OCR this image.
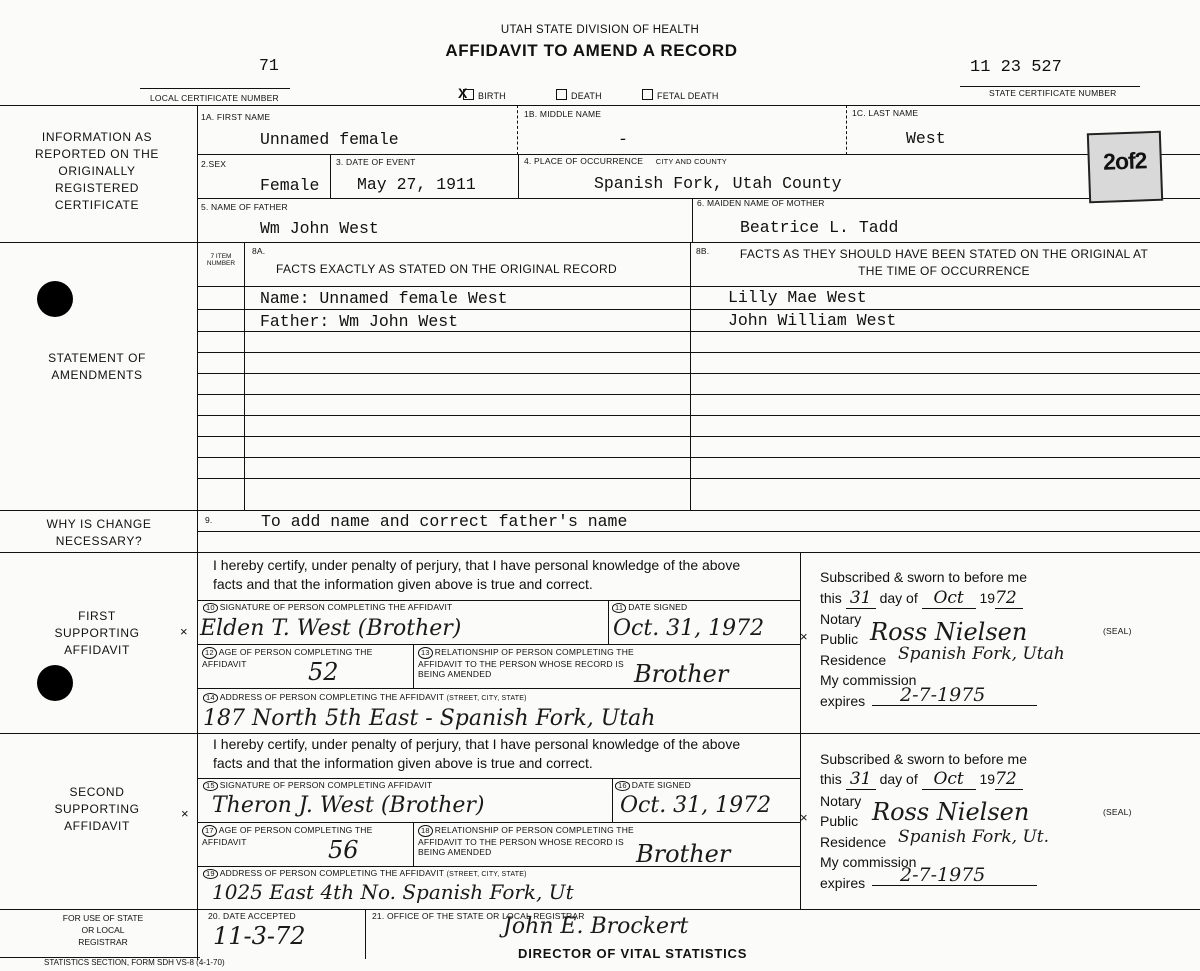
UTAH STATE DIVISION OF HEALTH
AFFIDAVIT TO AMEND A RECORD
71
LOCAL CERTIFICATE NUMBER
11 23 527
STATE CERTIFICATE NUMBER
X BIRTH	DEATH	FETAL DEATH
INFORMATION AS REPORTED ON THE ORIGINALLY REGISTERED CERTIFICATE
STATEMENT OF AMENDMENTS
WHY IS CHANGE NECESSARY?
FIRST SUPPORTING AFFIDAVIT
SECOND SUPPORTING AFFIDAVIT
FOR USE OF STATE OR LOCAL REGISTRAR
1A. FIRST NAME
Unnamed female
1B. MIDDLE NAME
-
1C. LAST NAME
West
2.SEX
Female
3. DATE OF EVENT
May 27, 1911
4. PLACE OF OCCURRENCE CITY AND COUNTY
Spanish Fork, Utah County
5. NAME OF FATHER
Wm John West
6. MAIDEN NAME OF MOTHER
Beatrice L. Tadd
2of2
7 ITEM NUMBER
8A.
FACTS EXACTLY AS STATED ON THE ORIGINAL RECORD
8B.	FACTS AS THEY SHOULD HAVE BEEN STATED ON THE ORIGINAL AT THE TIME OF OCCURRENCE
Name: Unnamed female West	Lilly Mae West
Father: Wm John West	John William West
9.	To add name and correct father's name
I hereby certify, under penalty of perjury, that I have personal knowledge of the above facts and that the information given above is true and correct.
10 SIGNATURE OF PERSON COMPLETING THE AFFIDAVIT
Elden T. West (Brother)
×
11 DATE SIGNED
Oct. 31, 1972
12 AGE OF PERSON COMPLETING THE AFFIDAVIT	52
13 RELATIONSHIP OF PERSON COMPLETING THE AFFIDAVIT TO THE PERSON WHOSE RECORD IS BEING AMENDED	Brother
14 ADDRESS OF PERSON COMPLETING THE AFFIDAVIT (STREET, CITY, STATE)
187 North 5th East - Spanish Fork, Utah
Subscribed & sworn to before me
this 31 day of Oct 1972
Notary
Public Ross Nielsen	(SEAL)
Residence Spanish Fork, Utah
My commission
expires 2-7-1975
×
I hereby certify, under penalty of perjury, that I have personal knowledge of the above facts and that the information given above is true and correct.
15 SIGNATURE OF PERSON COMPLETING AFFIDAVIT
Theron J. West (Brother)
×
16 DATE SIGNED
Oct. 31, 1972
17 AGE OF PERSON COMPLETING THE AFFIDAVIT	56
18 RELATIONSHIP OF PERSON COMPLETING THE AFFIDAVIT TO THE PERSON WHOSE RECORD IS BEING AMENDED	Brother
19 ADDRESS OF PERSON COMPLETING THE AFFIDAVIT (STREET, CITY, STATE)
1025 East 4th No. Spanish Fork, Ut
Subscribed & sworn to before me
this 31 day of Oct 1972
Notary
Public Ross Nielsen	(SEAL)
Residence Spanish Fork, Ut.
My commission
expires 2-7-1975
×
20. DATE ACCEPTED
11-3-72
21. OFFICE OF THE STATE OR LOCAL REGISTRAR
John E. Brockert
DIRECTOR OF VITAL STATISTICS
STATISTICS SECTION, FORM SDH VS-8 (4-1-70)
